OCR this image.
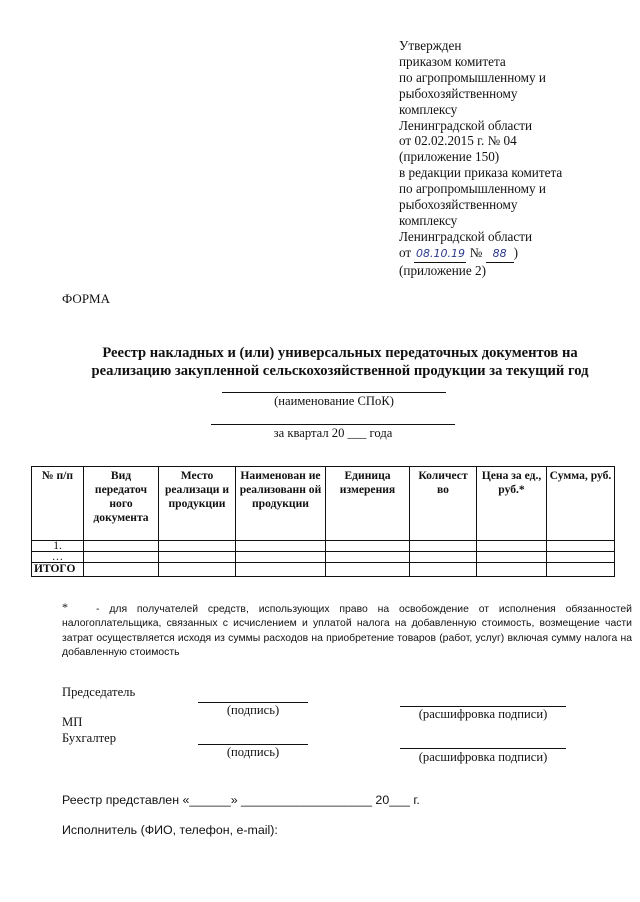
Утвержден
приказом комитета
по агропромышленному и
рыбохозяйственному
комплексу
Ленинградской области
от 02.02.2015 г. № 04
(приложение 150)
в редакции приказа комитета
по агропромышленному и
рыбохозяйственному
комплексу
Ленинградской области
от 08.10.19 № 88 )
(приложение 2)
ФОРМА
Реестр накладных и (или) универсальных передаточных документов на
реализацию закупленной сельскохозяйственной продукции за текущий год
(наименование СПоК)
за квартал 20 ___ года
№ п/п	Вид передаточ ного документа	Место реализаци и продукции	Наименован ие реализованн ой продукции	Единица измерения	Количест во	Цена за ед., руб.*	Сумма, руб.
1.							
…							
ИТОГО							
*	- для получателей средств, использующих право на освобождение от исполнения обязанностей налогоплательщика, связанных с исчислением и уплатой налога на добавленную стоимость, возмещение части затрат осуществляется исходя из суммы расходов на приобретение товаров (работ, услуг) включая сумму налога на добавленную стоимость
Председатель
(подпись)	(расшифровка подписи)
МП
Бухгалтер
(подпись)	(расшифровка подписи)
Реестр представлен «______» ___________________ 20___ г.
Исполнитель (ФИО, телефон, e-mail):
